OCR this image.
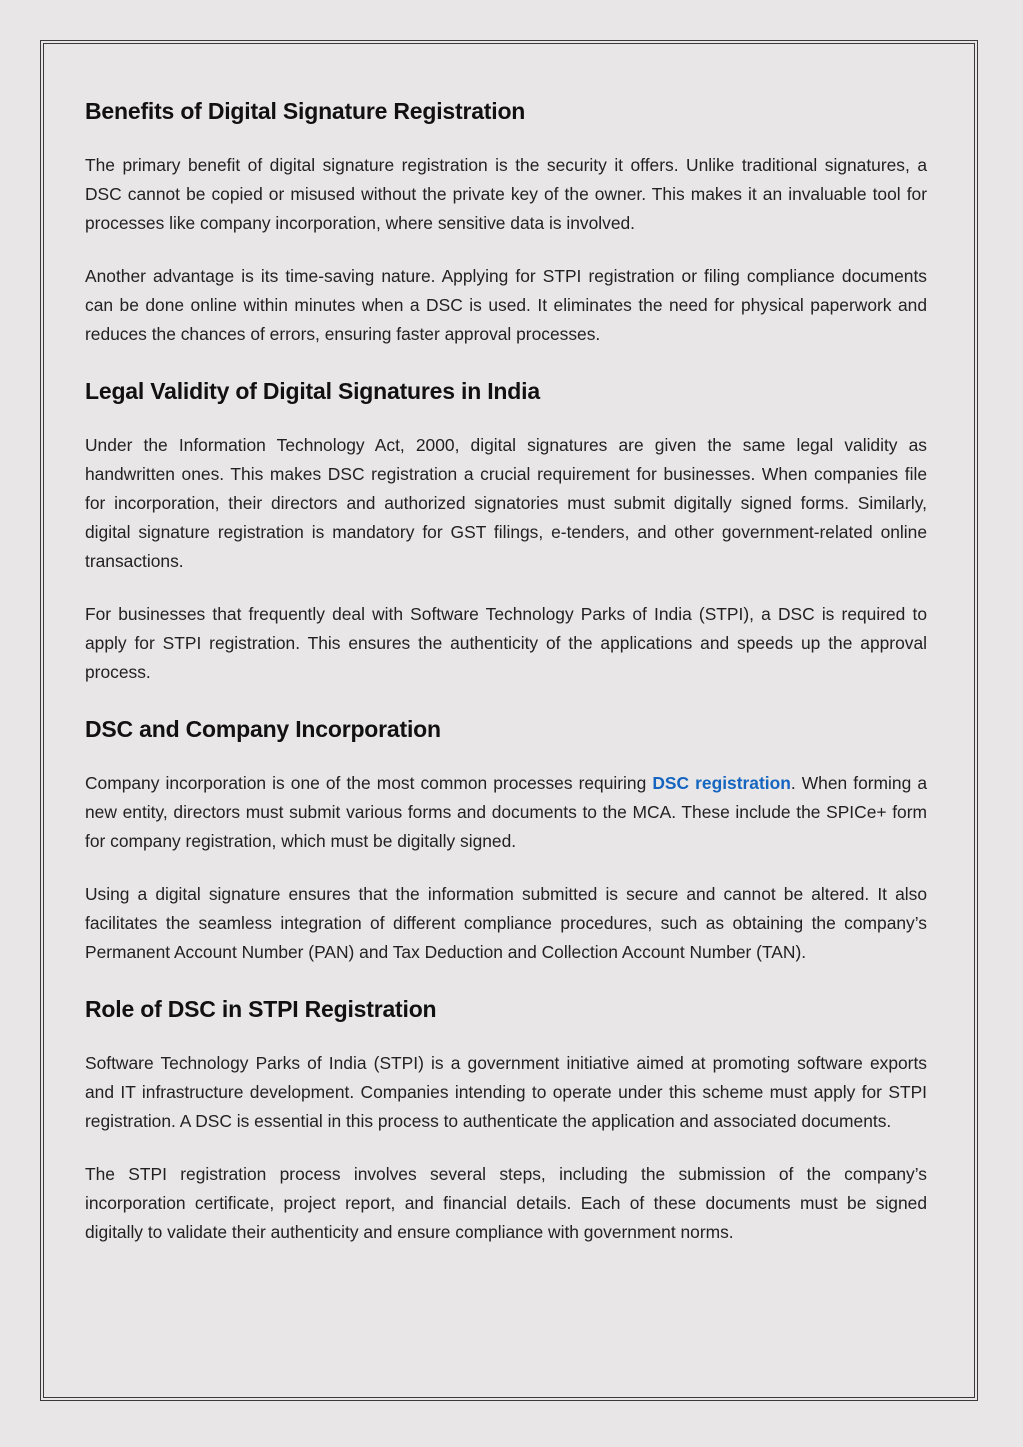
Benefits of Digital Signature Registration

The primary benefit of digital signature registration is the security it offers. Unlike traditional signatures, a DSC cannot be copied or misused without the private key of the owner. This makes it an invaluable tool for processes like company incorporation, where sensitive data is involved.

Another advantage is its time-saving nature. Applying for STPI registration or filing compliance documents can be done online within minutes when a DSC is used. It eliminates the need for physical paperwork and reduces the chances of errors, ensuring faster approval processes.

Legal Validity of Digital Signatures in India

Under the Information Technology Act, 2000, digital signatures are given the same legal validity as handwritten ones. This makes DSC registration a crucial requirement for businesses. When companies file for incorporation, their directors and authorized signatories must submit digitally signed forms. Similarly, digital signature registration is mandatory for GST filings, e-tenders, and other government-related online transactions.

For businesses that frequently deal with Software Technology Parks of India (STPI), a DSC is required to apply for STPI registration. This ensures the authenticity of the applications and speeds up the approval process.

DSC and Company Incorporation

Company incorporation is one of the most common processes requiring DSC registration. When forming a new entity, directors must submit various forms and documents to the MCA. These include the SPICe+ form for company registration, which must be digitally signed.

Using a digital signature ensures that the information submitted is secure and cannot be altered. It also facilitates the seamless integration of different compliance procedures, such as obtaining the company’s Permanent Account Number (PAN) and Tax Deduction and Collection Account Number (TAN).

Role of DSC in STPI Registration

Software Technology Parks of India (STPI) is a government initiative aimed at promoting software exports and IT infrastructure development. Companies intending to operate under this scheme must apply for STPI registration. A DSC is essential in this process to authenticate the application and associated documents.

The STPI registration process involves several steps, including the submission of the company’s incorporation certificate, project report, and financial details. Each of these documents must be signed digitally to validate their authenticity and ensure compliance with government norms.
